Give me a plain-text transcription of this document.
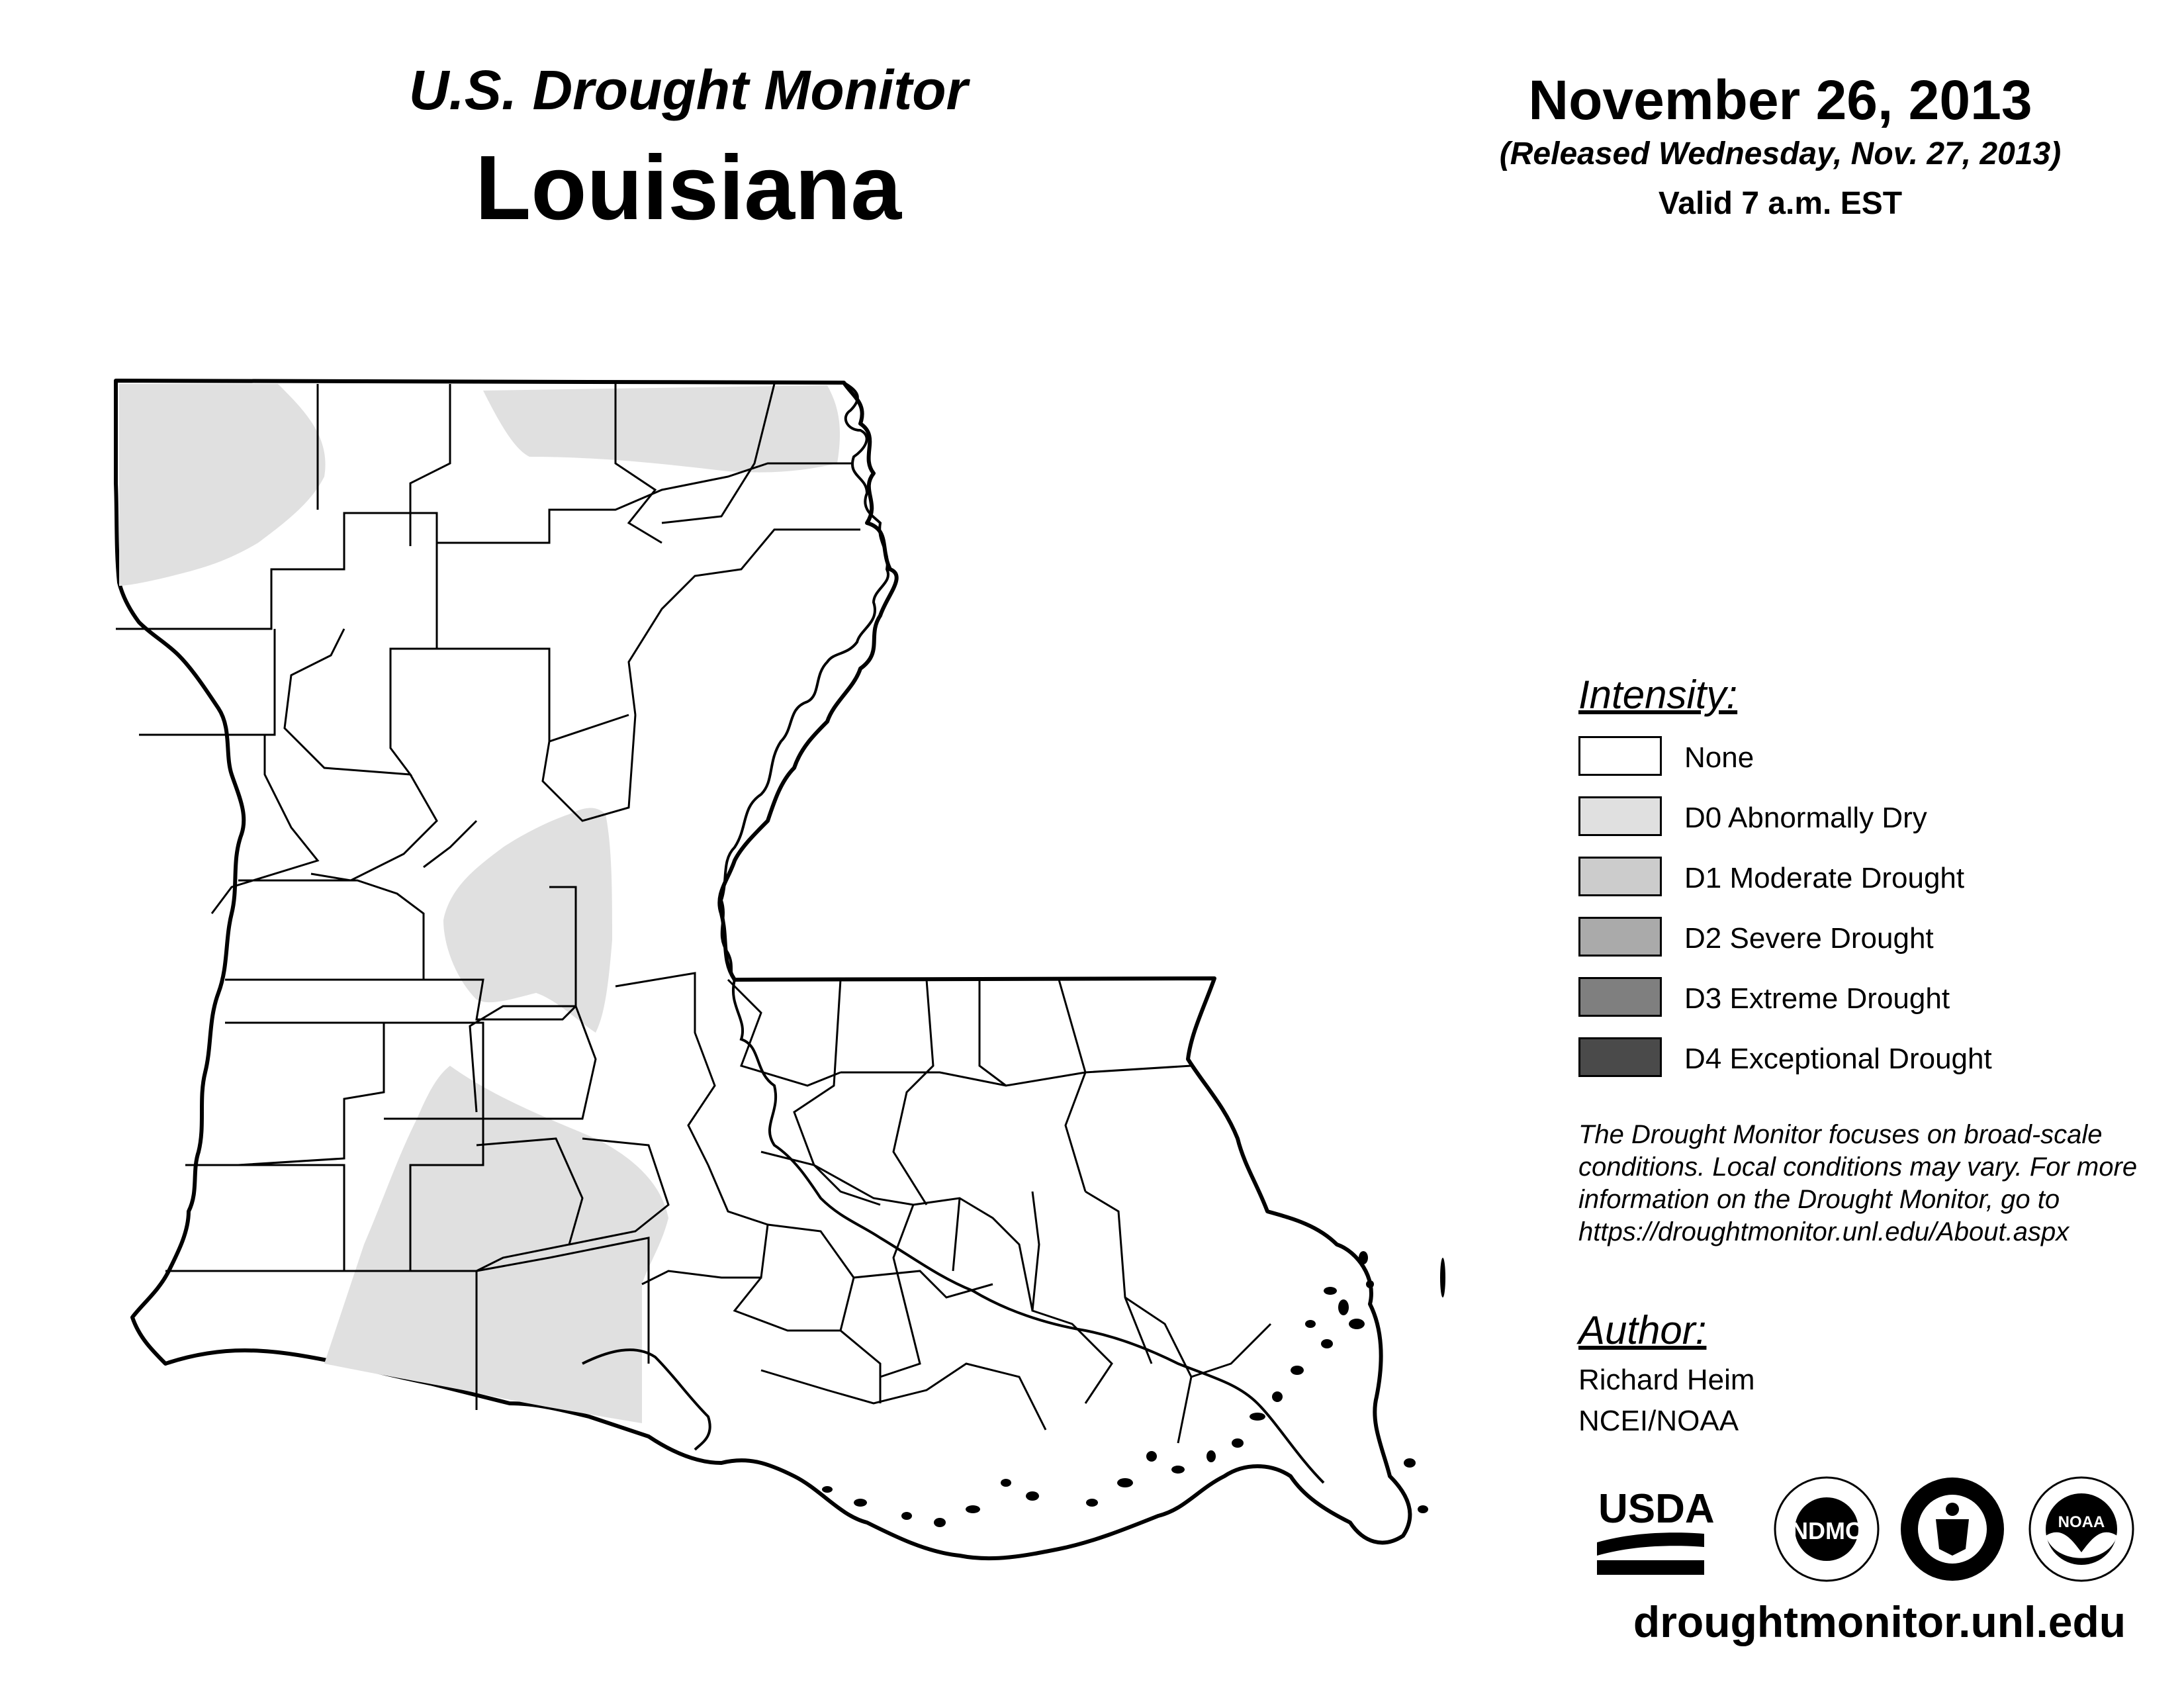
U.S. Drought Monitor
Louisiana
November 26, 2013
(Released Wednesday, Nov. 27, 2013)
Valid 7 a.m. EST
Intensity:
None
D0 Abnormally Dry
D1 Moderate Drought
D2 Severe Drought
D3 Extreme Drought
D4 Exceptional Drought
The Drought Monitor focuses on broad-scale conditions. Local conditions may vary. For more information on the Drought Monitor, go to https://droughtmonitor.unl.edu/About.aspx
Author:
Richard Heim
NCEI/NOAA
USDA	NDMC	NOAA
droughtmonitor.unl.edu
